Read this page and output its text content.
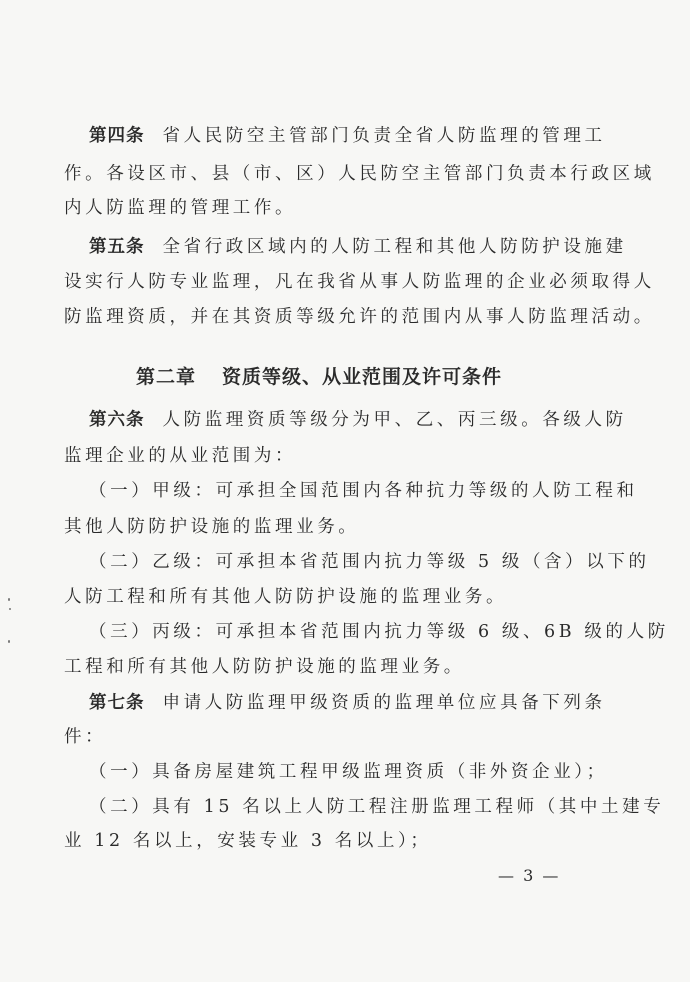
第四条 省人民防空主管部门负责全省人防监理的管理工
作。各设区市、县（市、区）人民防空主管部门负责本行政区域
内人防监理的管理工作。
第五条 全省行政区域内的人防工程和其他人防防护设施建
设实行人防专业监理，凡在我省从事人防监理的企业必须取得人
防监理资质，并在其资质等级允许的范围内从事人防监理活动。
第二章 资质等级、从业范围及许可条件
第六条 人防监理资质等级分为甲、乙、丙三级。各级人防
监理企业的从业范围为：
（一）甲级：可承担全国范围内各种抗力等级的人防工程和
其他人防防护设施的监理业务。
（二）乙级：可承担本省范围内抗力等级 5 级（含）以下的
人防工程和所有其他人防防护设施的监理业务。
（三）丙级：可承担本省范围内抗力等级 6 级、6B 级的人防
工程和所有其他人防防护设施的监理业务。
第七条 申请人防监理甲级资质的监理单位应具备下列条
件：
（一）具备房屋建筑工程甲级监理资质（非外资企业）；
（二）具有 15 名以上人防工程注册监理工程师（其中土建专
业 12 名以上，安装专业 3 名以上）；
— 3 —
